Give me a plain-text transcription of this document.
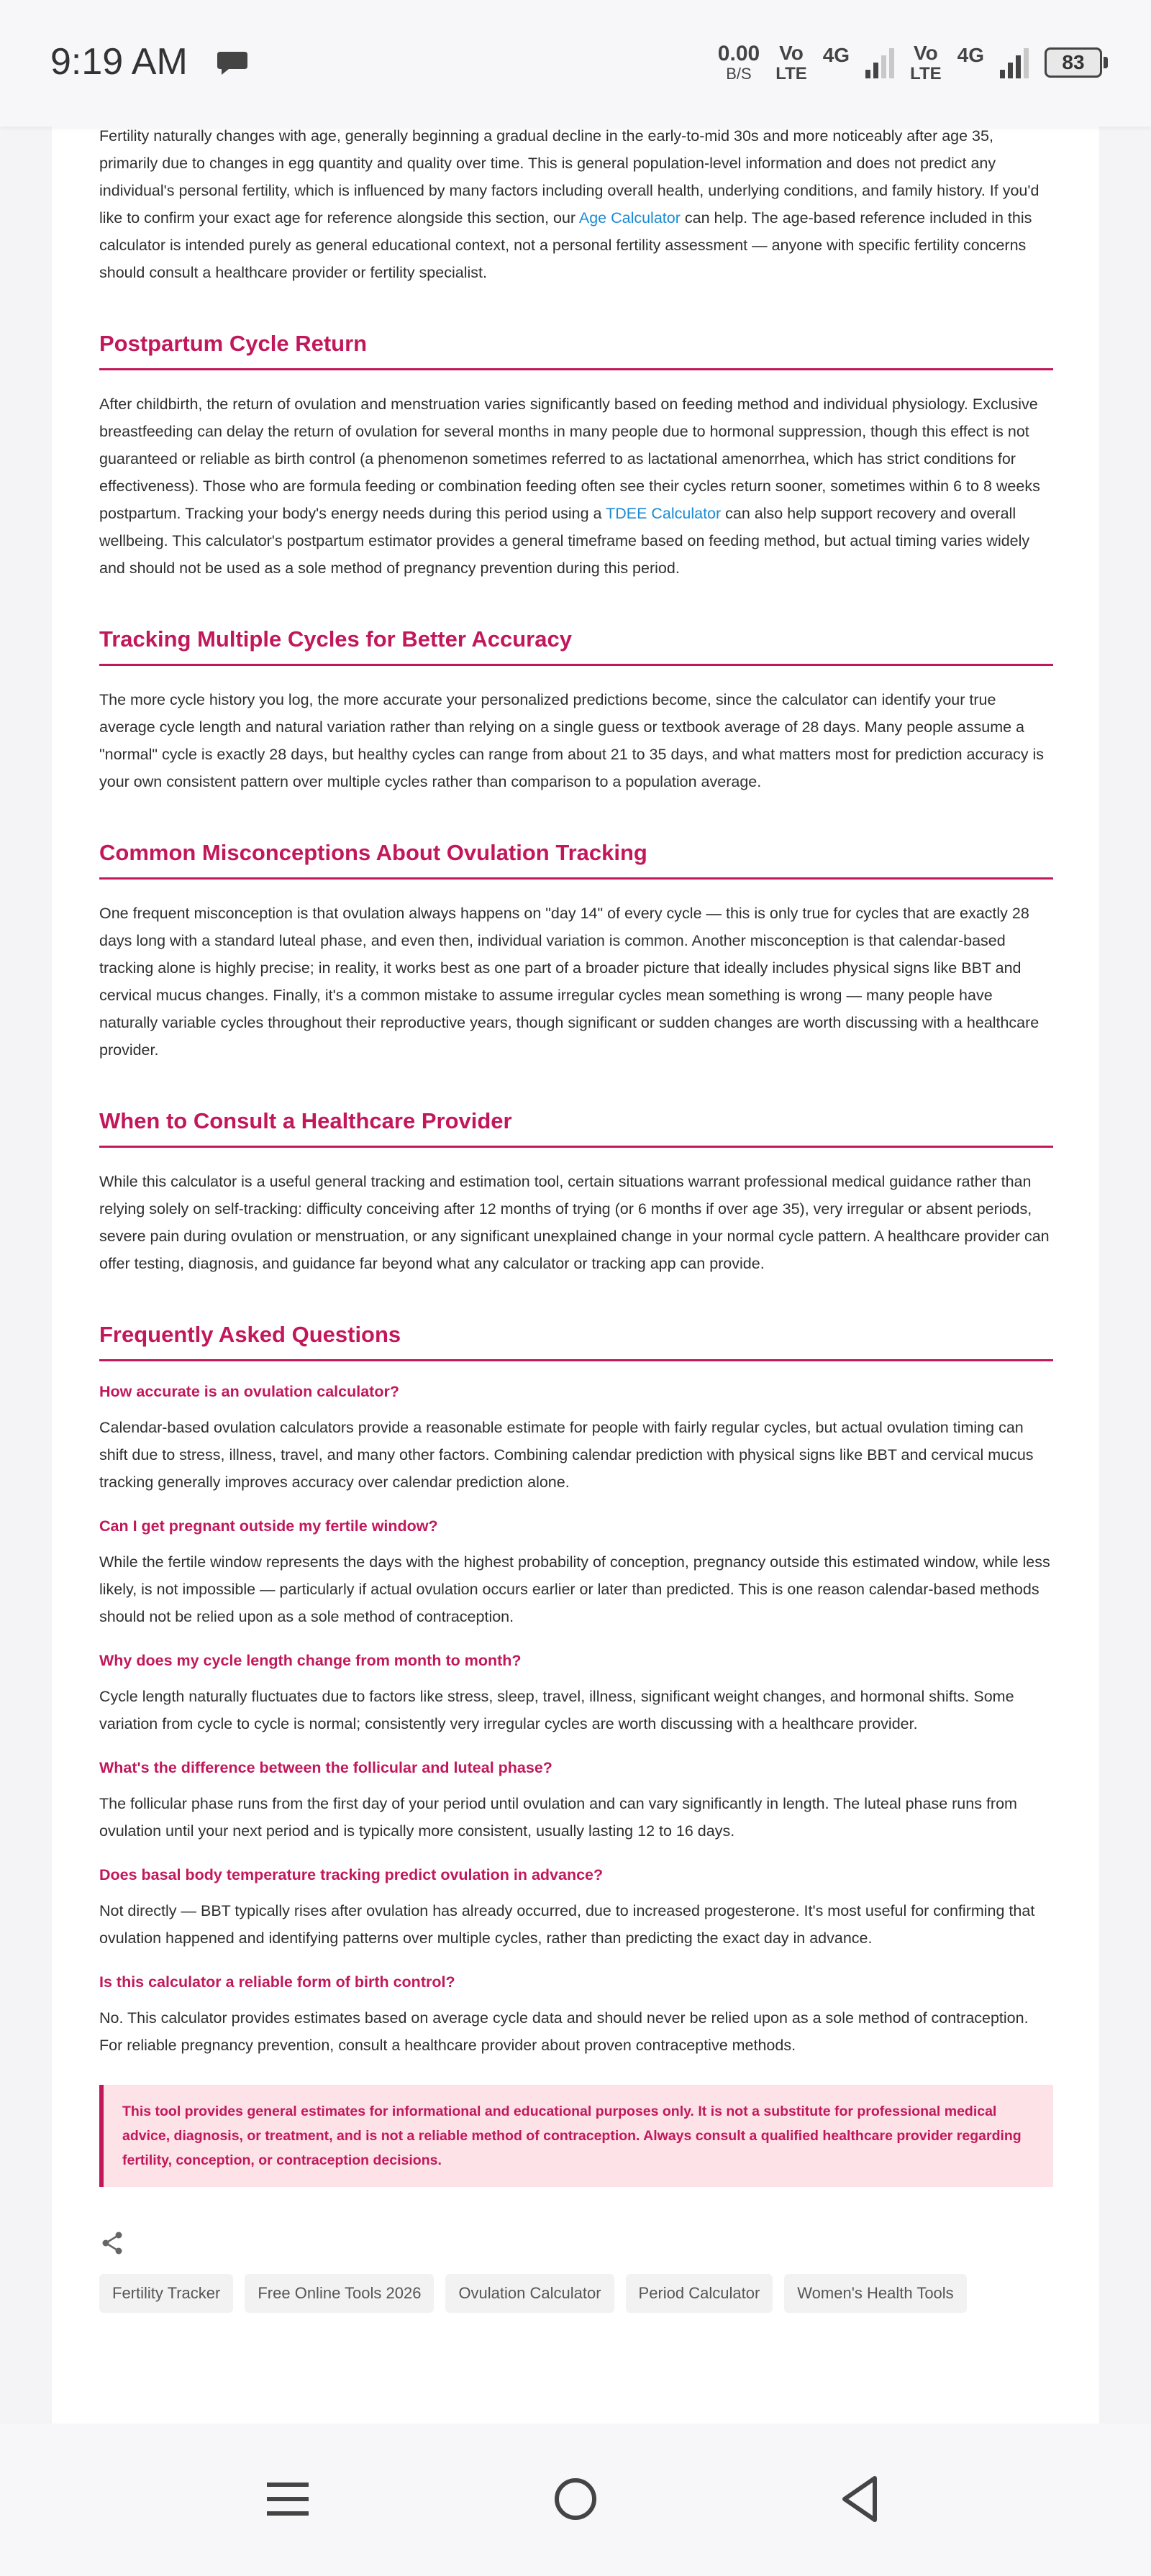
9:19 AM	0.00
B/S
Vo
LTE
4G	Vo
LTE
4G	83

Fertility naturally changes with age, generally beginning a gradual decline in the early-to-mid 30s and more noticeably after age 35, primarily due to changes in egg quantity and quality over time. This is general population-level information and does not predict any individual's personal fertility, which is influenced by many factors including overall health, underlying conditions, and family history. If you'd like to confirm your exact age for reference alongside this section, our Age Calculator can help. The age-based reference included in this calculator is intended purely as general educational context, not a personal fertility assessment — anyone with specific fertility concerns should consult a healthcare provider or fertility specialist.

Postpartum Cycle Return

After childbirth, the return of ovulation and menstruation varies significantly based on feeding method and individual physiology. Exclusive breastfeeding can delay the return of ovulation for several months in many people due to hormonal suppression, though this effect is not guaranteed or reliable as birth control (a phenomenon sometimes referred to as lactational amenorrhea, which has strict conditions for effectiveness). Those who are formula feeding or combination feeding often see their cycles return sooner, sometimes within 6 to 8 weeks postpartum. Tracking your body's energy needs during this period using a TDEE Calculator can also help support recovery and overall wellbeing. This calculator's postpartum estimator provides a general timeframe based on feeding method, but actual timing varies widely and should not be used as a sole method of pregnancy prevention during this period.

Tracking Multiple Cycles for Better Accuracy

The more cycle history you log, the more accurate your personalized predictions become, since the calculator can identify your true average cycle length and natural variation rather than relying on a single guess or textbook average of 28 days. Many people assume a "normal" cycle is exactly 28 days, but healthy cycles can range from about 21 to 35 days, and what matters most for prediction accuracy is your own consistent pattern over multiple cycles rather than comparison to a population average.

Common Misconceptions About Ovulation Tracking

One frequent misconception is that ovulation always happens on "day 14" of every cycle — this is only true for cycles that are exactly 28 days long with a standard luteal phase, and even then, individual variation is common. Another misconception is that calendar-based tracking alone is highly precise; in reality, it works best as one part of a broader picture that ideally includes physical signs like BBT and cervical mucus changes. Finally, it's a common mistake to assume irregular cycles mean something is wrong — many people have naturally variable cycles throughout their reproductive years, though significant or sudden changes are worth discussing with a healthcare provider.

When to Consult a Healthcare Provider

While this calculator is a useful general tracking and estimation tool, certain situations warrant professional medical guidance rather than relying solely on self-tracking: difficulty conceiving after 12 months of trying (or 6 months if over age 35), very irregular or absent periods, severe pain during ovulation or menstruation, or any significant unexplained change in your normal cycle pattern. A healthcare provider can offer testing, diagnosis, and guidance far beyond what any calculator or tracking app can provide.

Frequently Asked Questions
How accurate is an ovulation calculator?

Calendar-based ovulation calculators provide a reasonable estimate for people with fairly regular cycles, but actual ovulation timing can shift due to stress, illness, travel, and many other factors. Combining calendar prediction with physical signs like BBT and cervical mucus tracking generally improves accuracy over calendar prediction alone.

Can I get pregnant outside my fertile window?

While the fertile window represents the days with the highest probability of conception, pregnancy outside this estimated window, while less likely, is not impossible — particularly if actual ovulation occurs earlier or later than predicted. This is one reason calendar-based methods should not be relied upon as a sole method of contraception.

Why does my cycle length change from month to month?

Cycle length naturally fluctuates due to factors like stress, sleep, travel, illness, significant weight changes, and hormonal shifts. Some variation from cycle to cycle is normal; consistently very irregular cycles are worth discussing with a healthcare provider.

What's the difference between the follicular and luteal phase?

The follicular phase runs from the first day of your period until ovulation and can vary significantly in length. The luteal phase runs from ovulation until your next period and is typically more consistent, usually lasting 12 to 16 days.

Does basal body temperature tracking predict ovulation in advance?

Not directly — BBT typically rises after ovulation has already occurred, due to increased progesterone. It's most useful for confirming that ovulation happened and identifying patterns over multiple cycles, rather than predicting the exact day in advance.

Is this calculator a reliable form of birth control?

No. This calculator provides estimates based on average cycle data and should never be relied upon as a sole method of contraception. For reliable pregnancy prevention, consult a healthcare provider about proven contraceptive methods.

This tool provides general estimates for informational and educational purposes only. It is not a substitute for professional medical advice, diagnosis, or treatment, and is not a reliable method of contraception. Always consult a qualified healthcare provider regarding fertility, conception, or contraception decisions.
Fertility Tracker	Free Online Tools 2026	Ovulation Calculator	Period Calculator	Women's Health Tools
